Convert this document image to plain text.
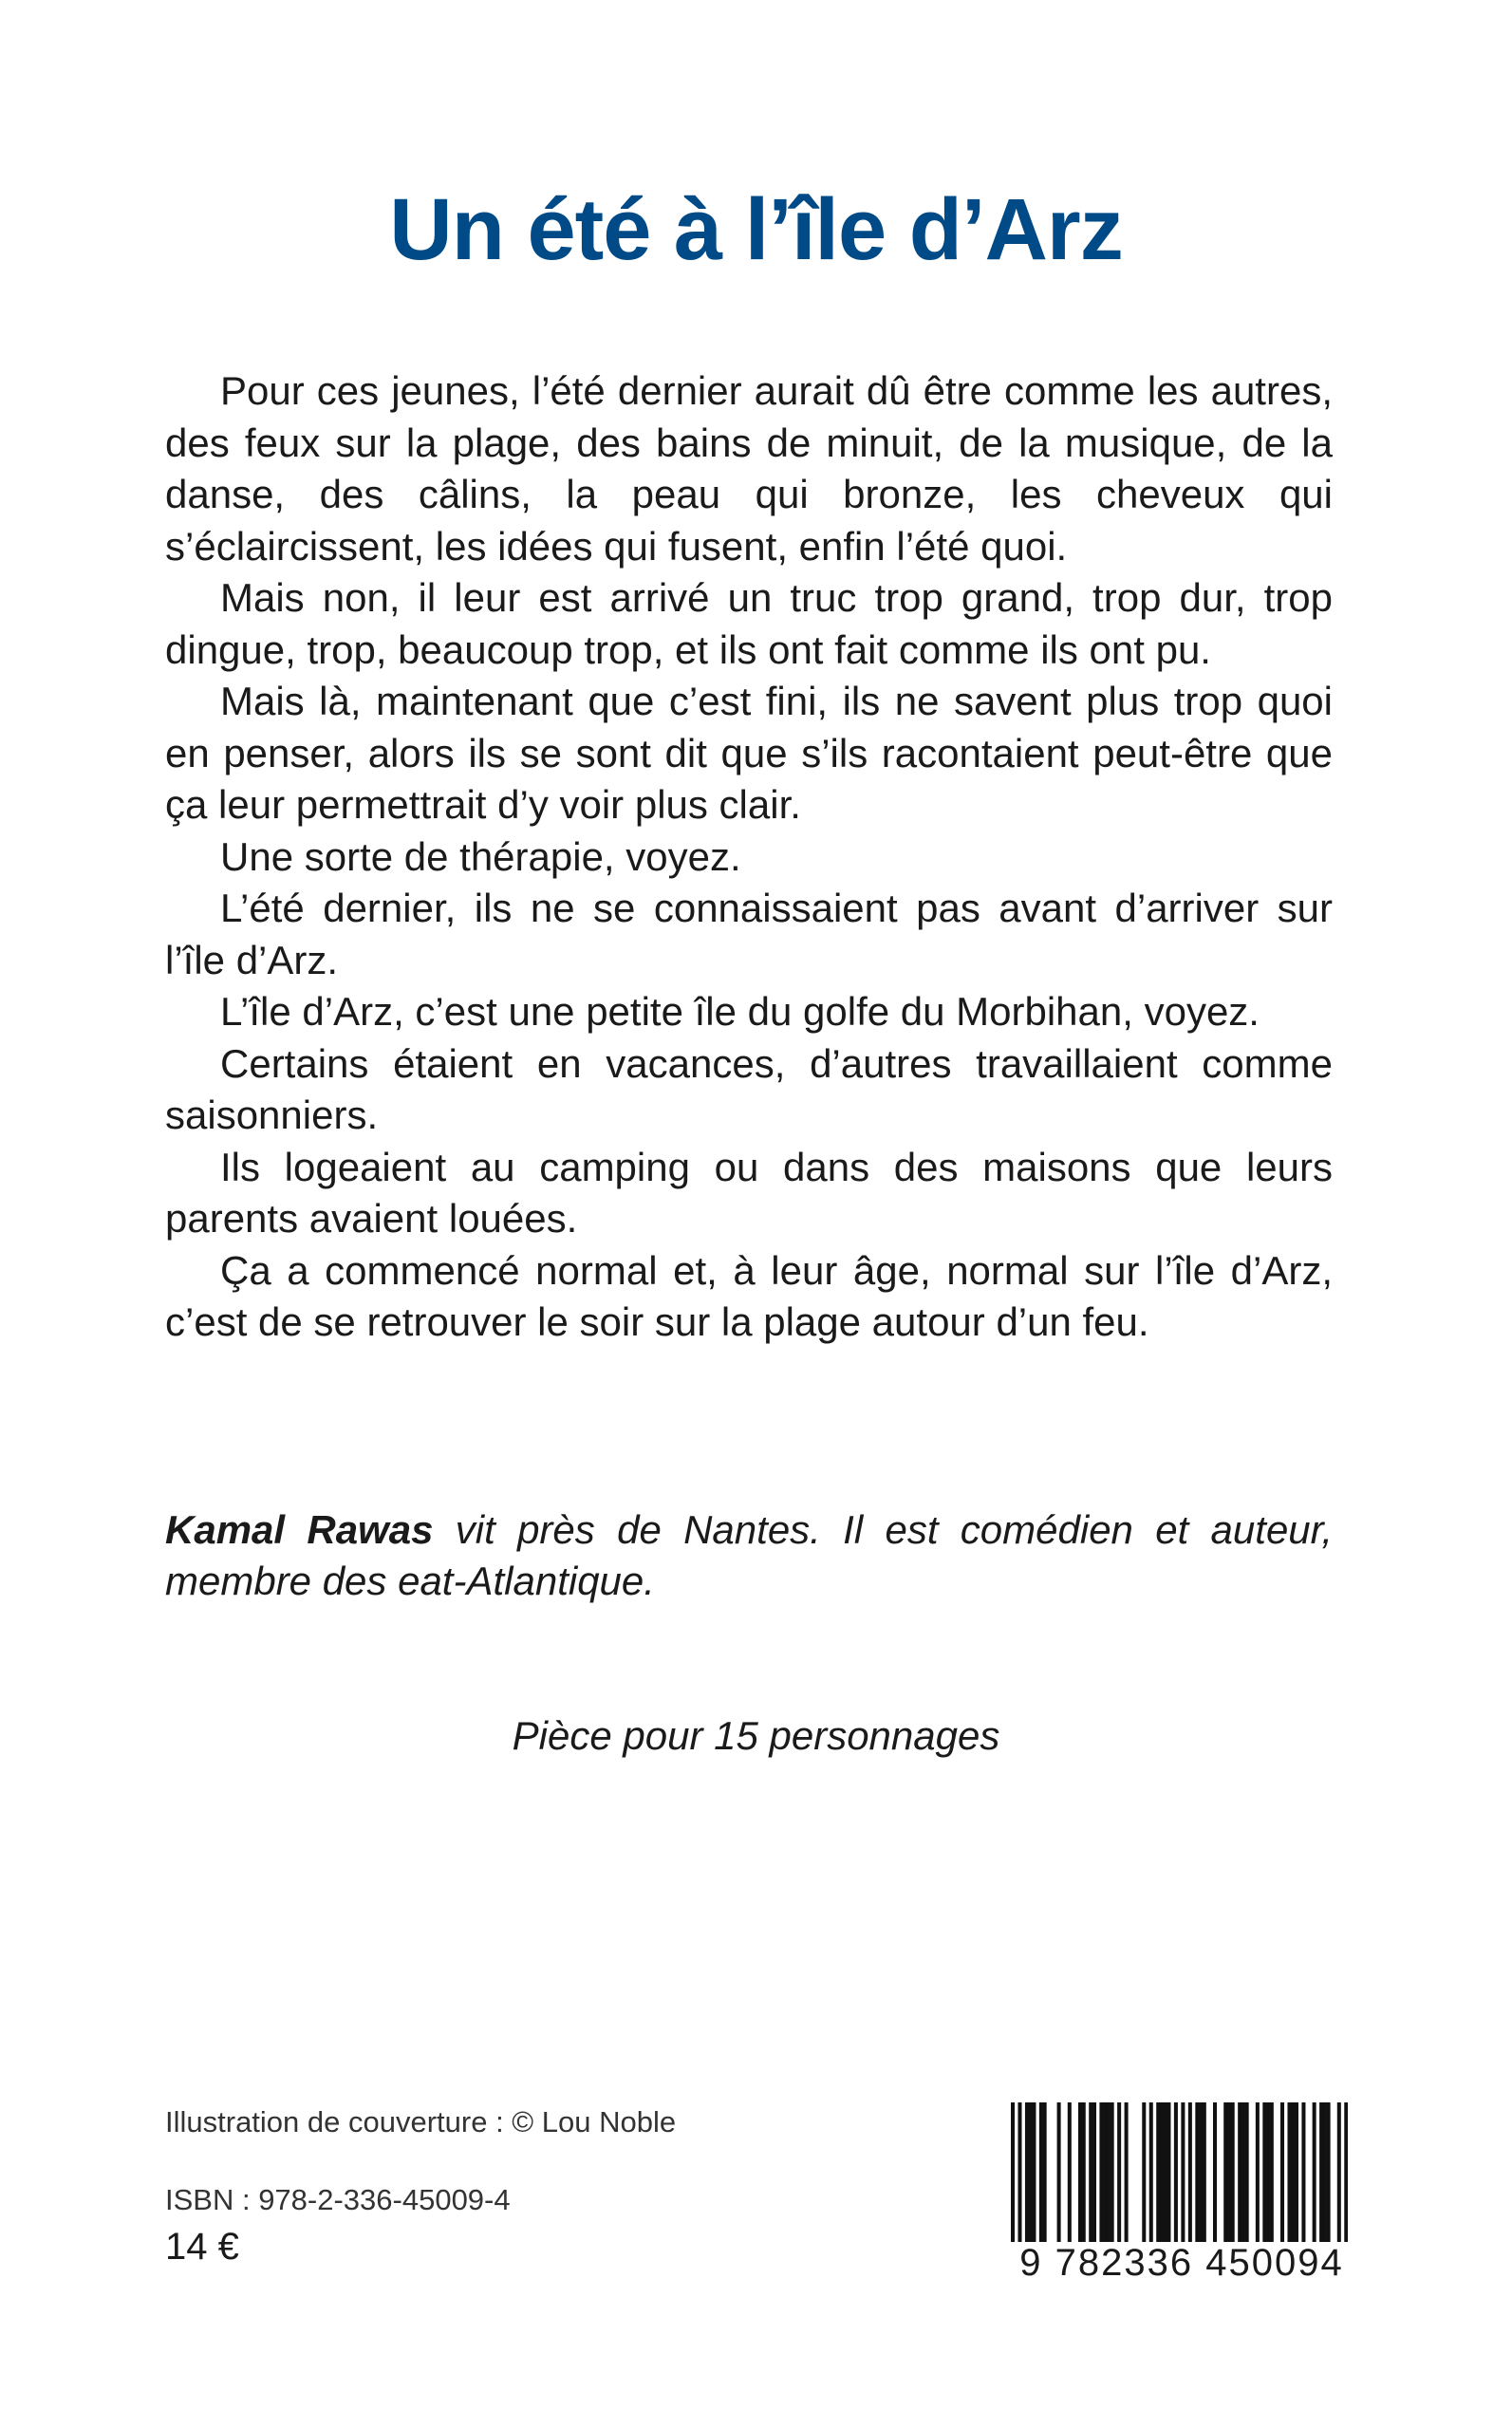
Un été à l’île d’Arz

Pour ces jeunes, l’été dernier aurait dû être comme les autres, des feux sur la plage, des bains de minuit, de la musique, de la danse, des câlins, la peau qui bronze, les cheveux qui s’éclaircissent, les idées qui fusent, enfin l’été quoi.

Mais non, il leur est arrivé un truc trop grand, trop dur, trop dingue, trop, beaucoup trop, et ils ont fait comme ils ont pu.

Mais là, maintenant que c’est fini, ils ne savent plus trop quoi en penser, alors ils se sont dit que s’ils racontaient peut-être que ça leur permettrait d’y voir plus clair.

Une sorte de thérapie, voyez.

L’été dernier, ils ne se connaissaient pas avant d’arriver sur l’île d’Arz.

L’île d’Arz, c’est une petite île du golfe du Morbihan, voyez.

Certains étaient en vacances, d’autres travaillaient comme saisonniers.

Ils logeaient au camping ou dans des maisons que leurs parents avaient louées.

Ça a commencé normal et, à leur âge, normal sur l’île d’Arz, c’est de se retrouver le soir sur la plage autour d’un feu.

Kamal Rawas vit près de Nantes. Il est comédien et auteur, membre des eat-Atlantique.

Pièce pour 15 personnages

Illustration de couverture : © Lou Noble

ISBN : 978-2-336-45009-4

14 €	9 782336 450094
